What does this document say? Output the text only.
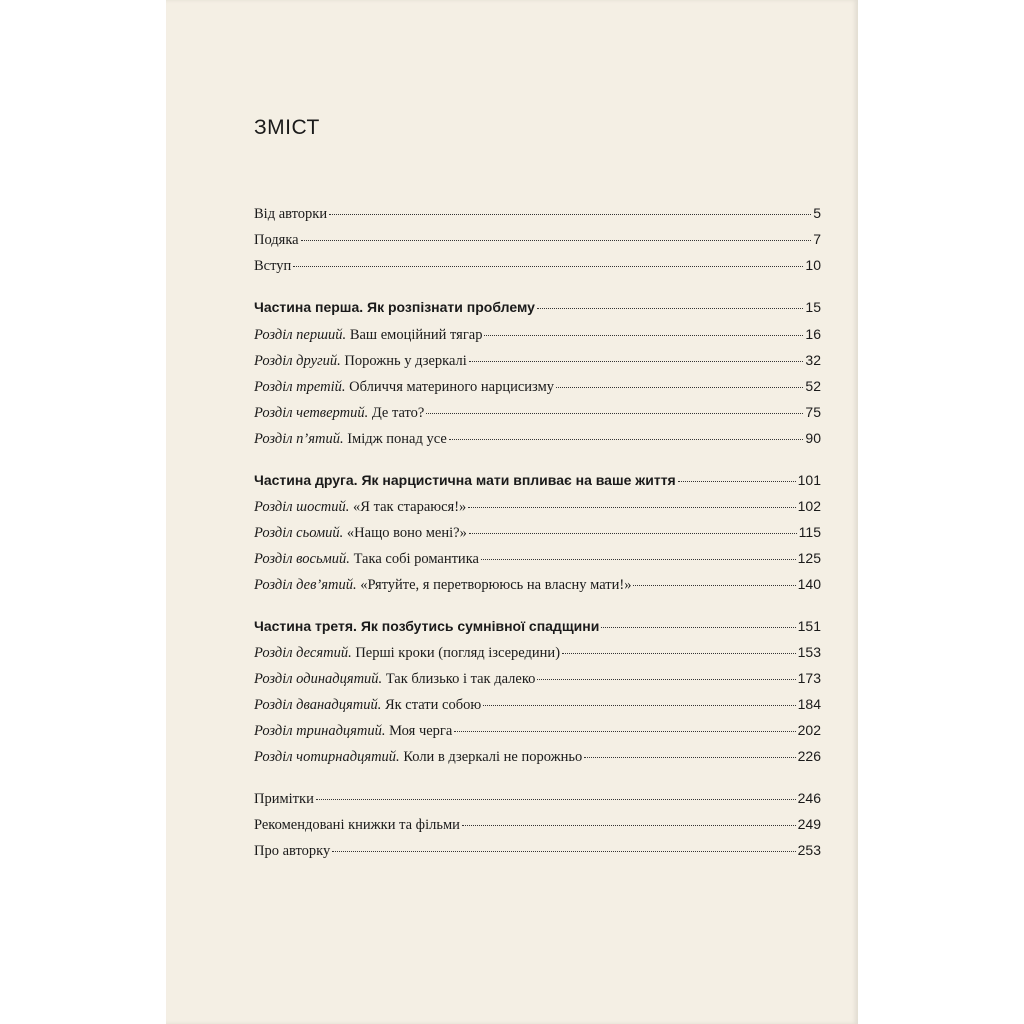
ЗМІСТ
Від авторки	5
Подяка	7
Вступ	10
Частина перша. Як розпізнати проблему	15
Розділ перший. Ваш емоційний тягар	16
Розділ другий. Порожнь у дзеркалі	32
Розділ третій. Обличчя материного нарцисизму	52
Розділ четвертий. Де тато?	75
Розділ п’ятий. Імідж понад усе	90
Частина друга. Як нарцистична мати впливає на ваше життя	101
Розділ шостий. «Я так стараюся!»	102
Розділ сьомий. «Нащо воно мені?»	115
Розділ восьмий. Така собі романтика	125
Розділ дев’ятий. «Рятуйте, я перетворююсь на власну мати!»	140
Частина третя. Як позбутись сумнівної спадщини	151
Розділ десятий. Перші кроки (погляд ізсередини)	153
Розділ одинадцятий. Так близько і так далеко	173
Розділ дванадцятий. Як стати собою	184
Розділ тринадцятий. Моя черга	202
Розділ чотирнадцятий. Коли в дзеркалі не порожньо	226
Примітки	246
Рекомендовані книжки та фільми	249
Про авторку	253
